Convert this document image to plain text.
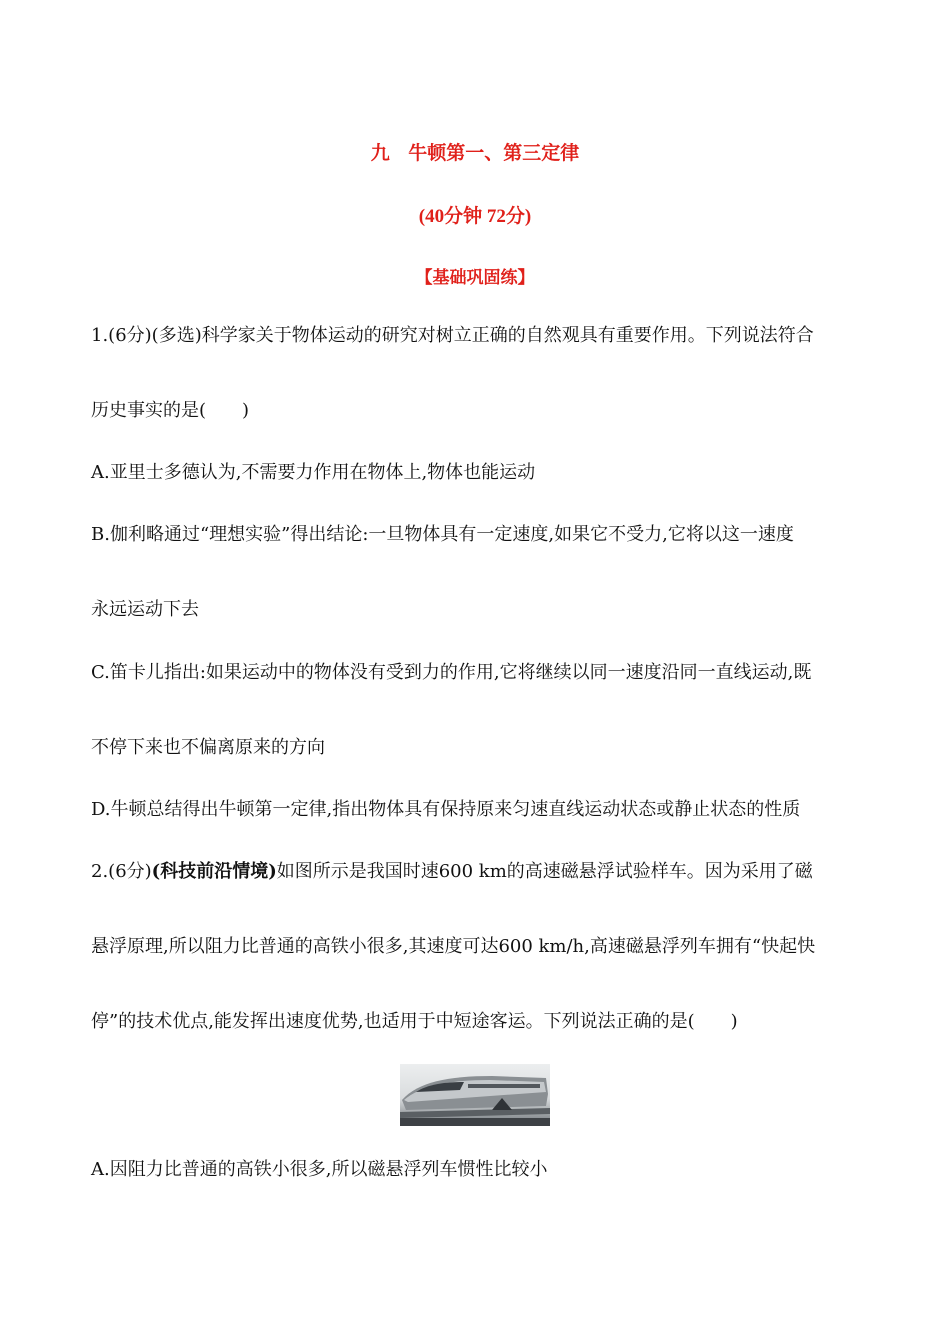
九 牛顿第一、第三定律
(40分钟 72分)
【基础巩固练】
1.(6分)(多选)科学家关于物体运动的研究对树立正确的自然观具有重要作用。下列说法符合
历史事实的是(　　)
A.亚里士多德认为,不需要力作用在物体上,物体也能运动
B.伽利略通过“理想实验”得出结论:一旦物体具有一定速度,如果它不受力,它将以这一速度
永远运动下去
C.笛卡儿指出:如果运动中的物体没有受到力的作用,它将继续以同一速度沿同一直线运动,既
不停下来也不偏离原来的方向
D.牛顿总结得出牛顿第一定律,指出物体具有保持原来匀速直线运动状态或静止状态的性质
2.(6分)(科技前沿情境)如图所示是我国时速600 km的高速磁悬浮试验样车。因为采用了磁
悬浮原理,所以阻力比普通的高铁小很多,其速度可达600 km/h,高速磁悬浮列车拥有“快起快
停”的技术优点,能发挥出速度优势,也适用于中短途客运。下列说法正确的是(　　)
A.因阻力比普通的高铁小很多,所以磁悬浮列车惯性比较小
